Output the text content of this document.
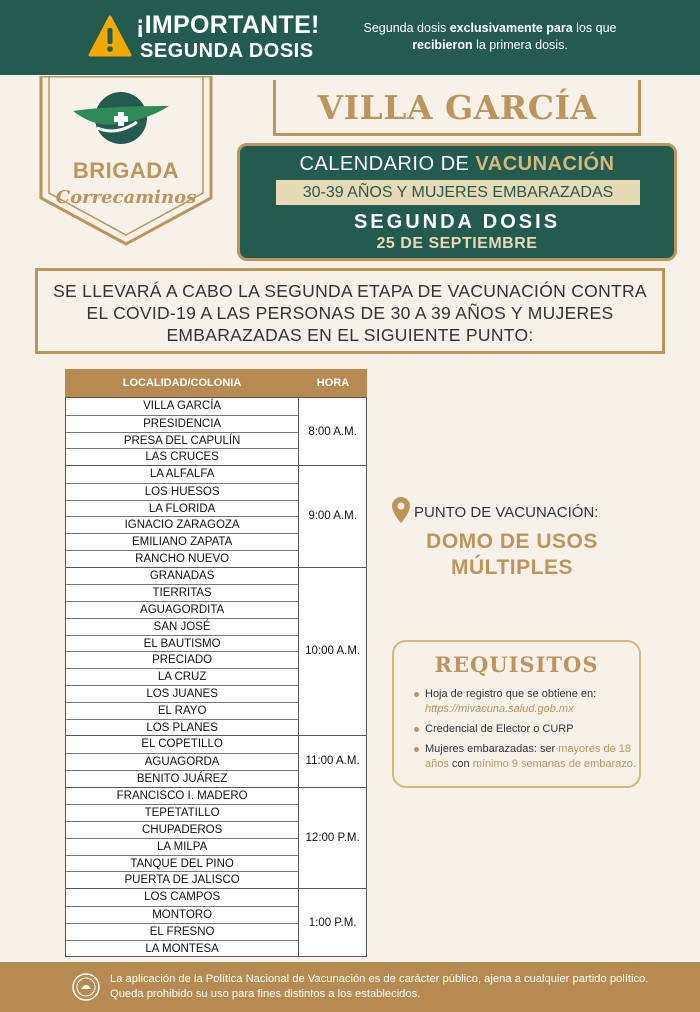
¡IMPORTANTE!
SEGUNDA DOSIS
Segunda dosis exclusivamente para los que recibieron la primera dosis.
BRIGADA
Correcaminos
VILLA GARCÍA
CALENDARIO DE VACUNACIÓN
30-39 AÑOS Y MUJERES EMBARAZADAS
SEGUNDA DOSIS
25 DE SEPTIEMBRE
SE LLEVARÁ A CABO LA SEGUNDA ETAPA DE VACUNACIÓN CONTRA EL COVID-19 A LAS PERSONAS DE 30 A 39 AÑOS Y MUJERES EMBARAZADAS EN EL SIGUIENTE PUNTO:
LOCALIDAD/COLONIA	HORA
VILLA GARCÍA
PRESIDENCIA
PRESA DEL CAPULÍN
LAS CRUCES
8:00 A.M.
LA ALFALFA
LOS HUESOS
LA FLORIDA
IGNACIO ZARAGOZA
EMILIANO ZAPATA
RANCHO NUEVO
9:00 A.M.
GRANADAS
TIERRITAS
AGUAGORDITA
SAN JOSÉ
EL BAUTISMO
PRECIADO
LA CRUZ
LOS JUANES
EL RAYO
LOS PLANES
10:00 A.M.
EL COPETILLO
AGUAGORDA
BENITO JUÁREZ
11:00 A.M.
FRANCISCO I. MADERO
TEPETATILLO
CHUPADEROS
LA MILPA
TANQUE DEL PINO
PUERTA DE JALISCO
12:00 P.M.
LOS CAMPOS
MONTORO
EL FRESNO
LA MONTESA
1:00 P.M.
PUNTO DE VACUNACIÓN:
DOMO DE USOS MÚLTIPLES
REQUISITOS
Hoja de registro que se obtiene en: https://mivacuna.salud.gob.mx
Credencial de Elector o CURP
Mujeres embarazadas: ser mayores de 18 años con mínimo 9 semanas de embarazo.
La aplicación de la Política Nacional de Vacunación es de carácter público, ajena a cualquier partido político. Queda prohibido su uso para fines distintos a los establecidos.
